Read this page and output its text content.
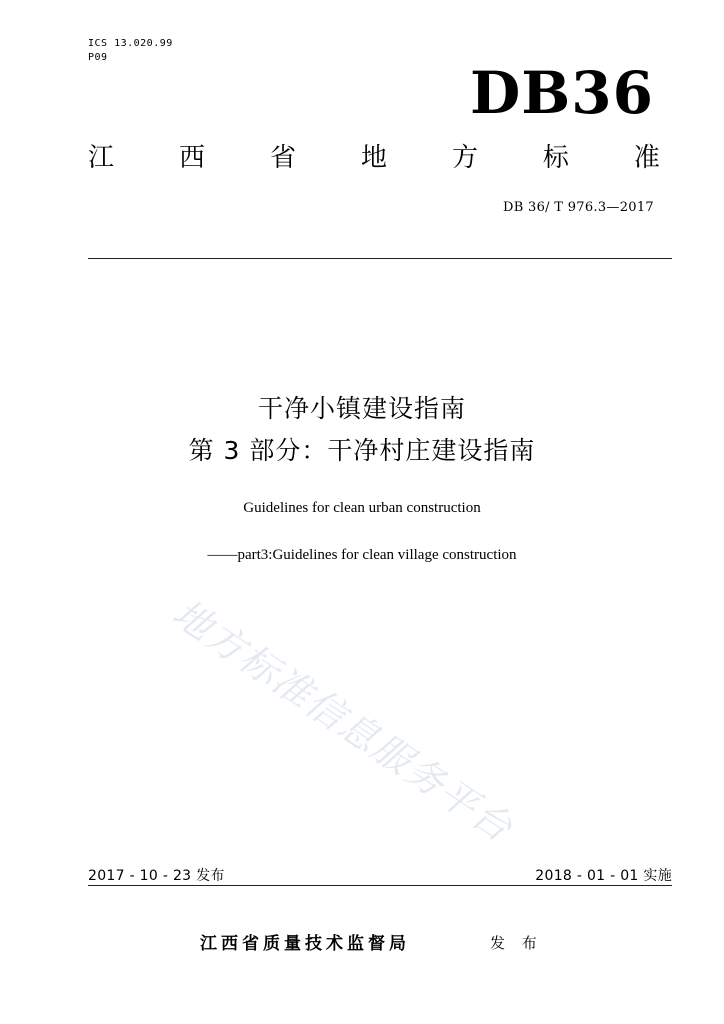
ICS 13.020.99
P09
DB36
江 西 省 地 方 标 准
DB 36/ T 976.3—2017
干净小镇建设指南
第 3 部分：干净村庄建设指南
Guidelines for clean urban construction
——part3:Guidelines for clean village construction
地方标准信息服务平台
2017 - 10 - 23 发布	2018 - 01 - 01 实施
江西省质量技术监督局	发 布
